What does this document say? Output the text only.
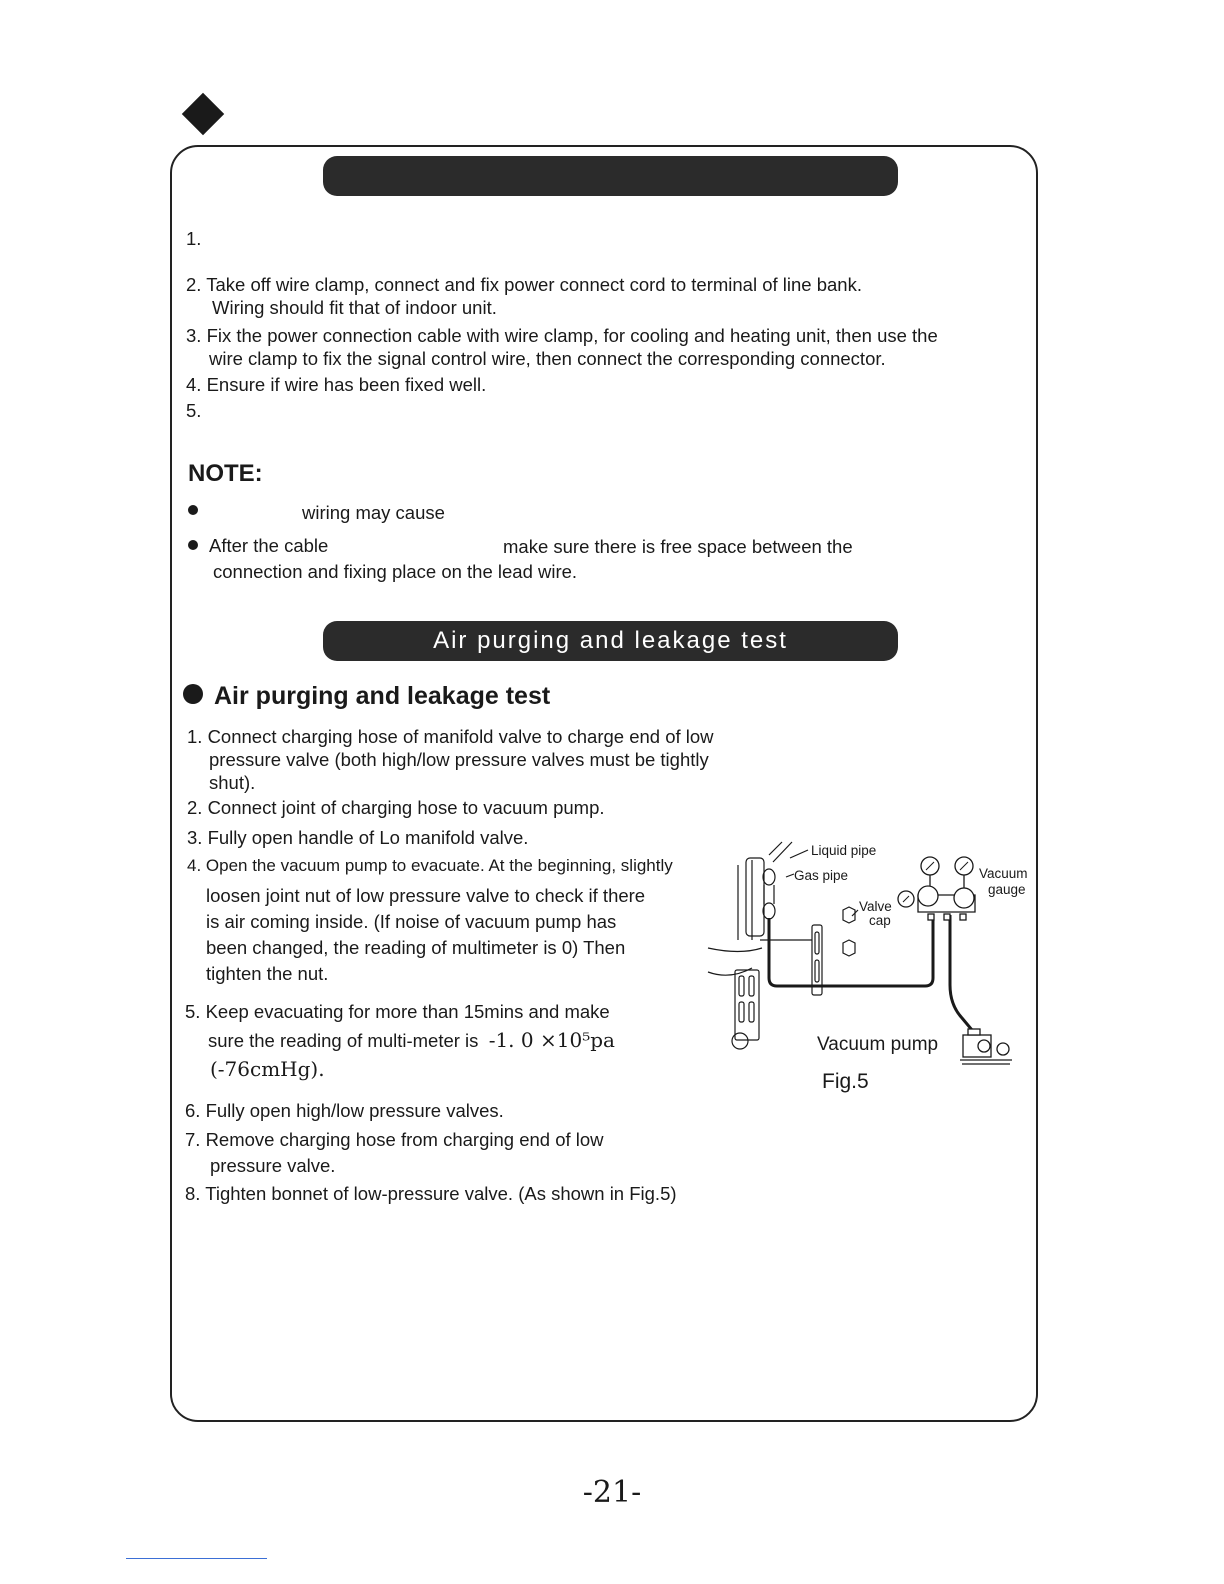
1.
2. Take off wire clamp, connect and fix power connect cord to terminal of line bank.
Wiring should fit that of indoor unit.
3. Fix the power connection cable with wire clamp, for cooling and heating unit, then use the
wire clamp to fix the signal control wire, then connect the corresponding connector.
4. Ensure if wire has been fixed well.
5.
NOTE:
wiring may cause
After the cable	make sure there is free space between the
connection and fixing place on the lead wire.
Air purging and leakage test
Air purging and leakage test
1. Connect charging hose of manifold valve to charge end of low
pressure valve (both high/low pressure valves must be tightly
shut).
2. Connect joint of charging hose to vacuum pump.
3. Fully open handle of Lo manifold valve.
4. Open the vacuum pump to evacuate. At the beginning, slightly
loosen joint nut of low pressure valve to check if there
is air coming inside. (If noise of vacuum pump has
been changed, the reading of multimeter is 0) Then
tighten the nut.
5. Keep evacuating for more than 15mins and make
sure the reading of multi-meter is -1. 0 ×10⁵pa
(-76cmHg).
6. Fully open high/low pressure valves.
7. Remove charging hose from charging end of low
pressure valve.
8. Tighten bonnet of low-pressure valve. (As shown in Fig.5)
Liquid pipe
Gas pipe
Valve
cap
Vacuum
gauge
Vacuum pump
Fig.5
-21-
